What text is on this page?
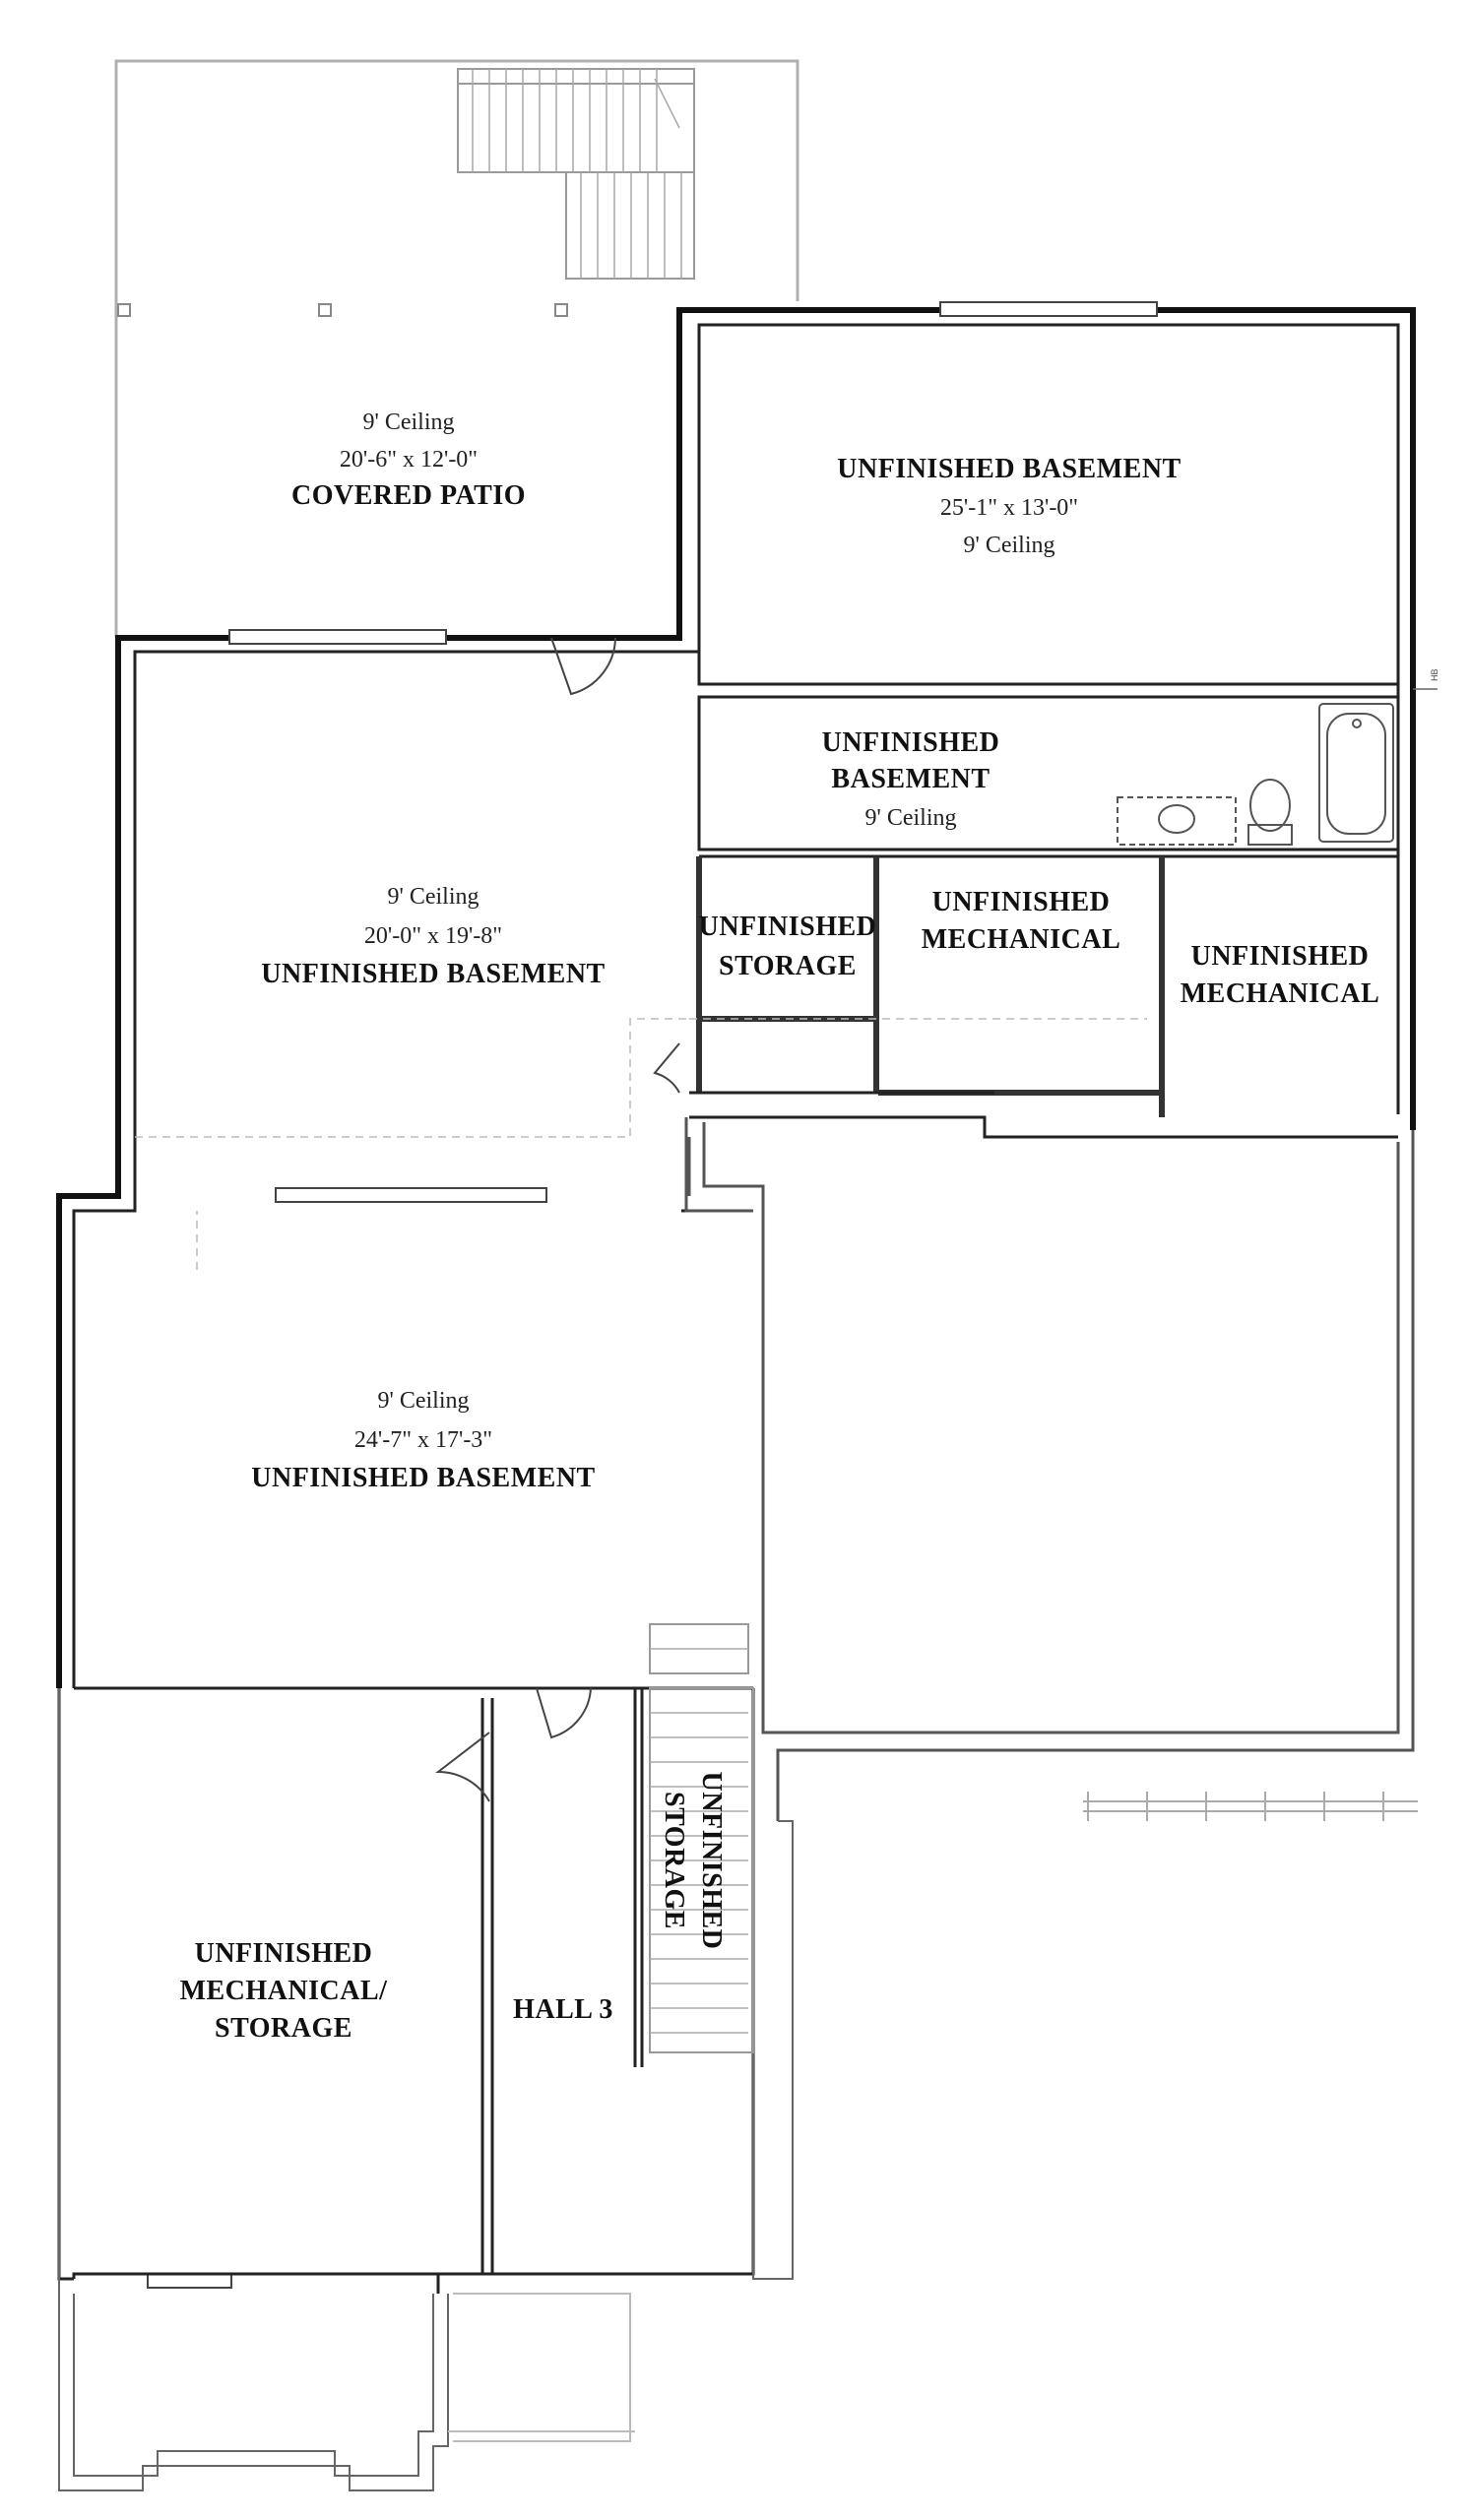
HB
9' Ceiling
20'-6" x 12'-0"
COVERED PATIO
UNFINISHED BASEMENT
25'-1" x 13'-0"
9' Ceiling
UNFINISHED
BASEMENT
9' Ceiling
9' Ceiling
20'-0" x 19'-8"
UNFINISHED BASEMENT
UNFINISHED
STORAGE
UNFINISHED
MECHANICAL
UNFINISHED
MECHANICAL
9' Ceiling
24'-7" x 17'-3"
UNFINISHED BASEMENT
UNFINISHED
MECHANICAL/
STORAGE
HALL 3
UNFINISHED
STORAGE
